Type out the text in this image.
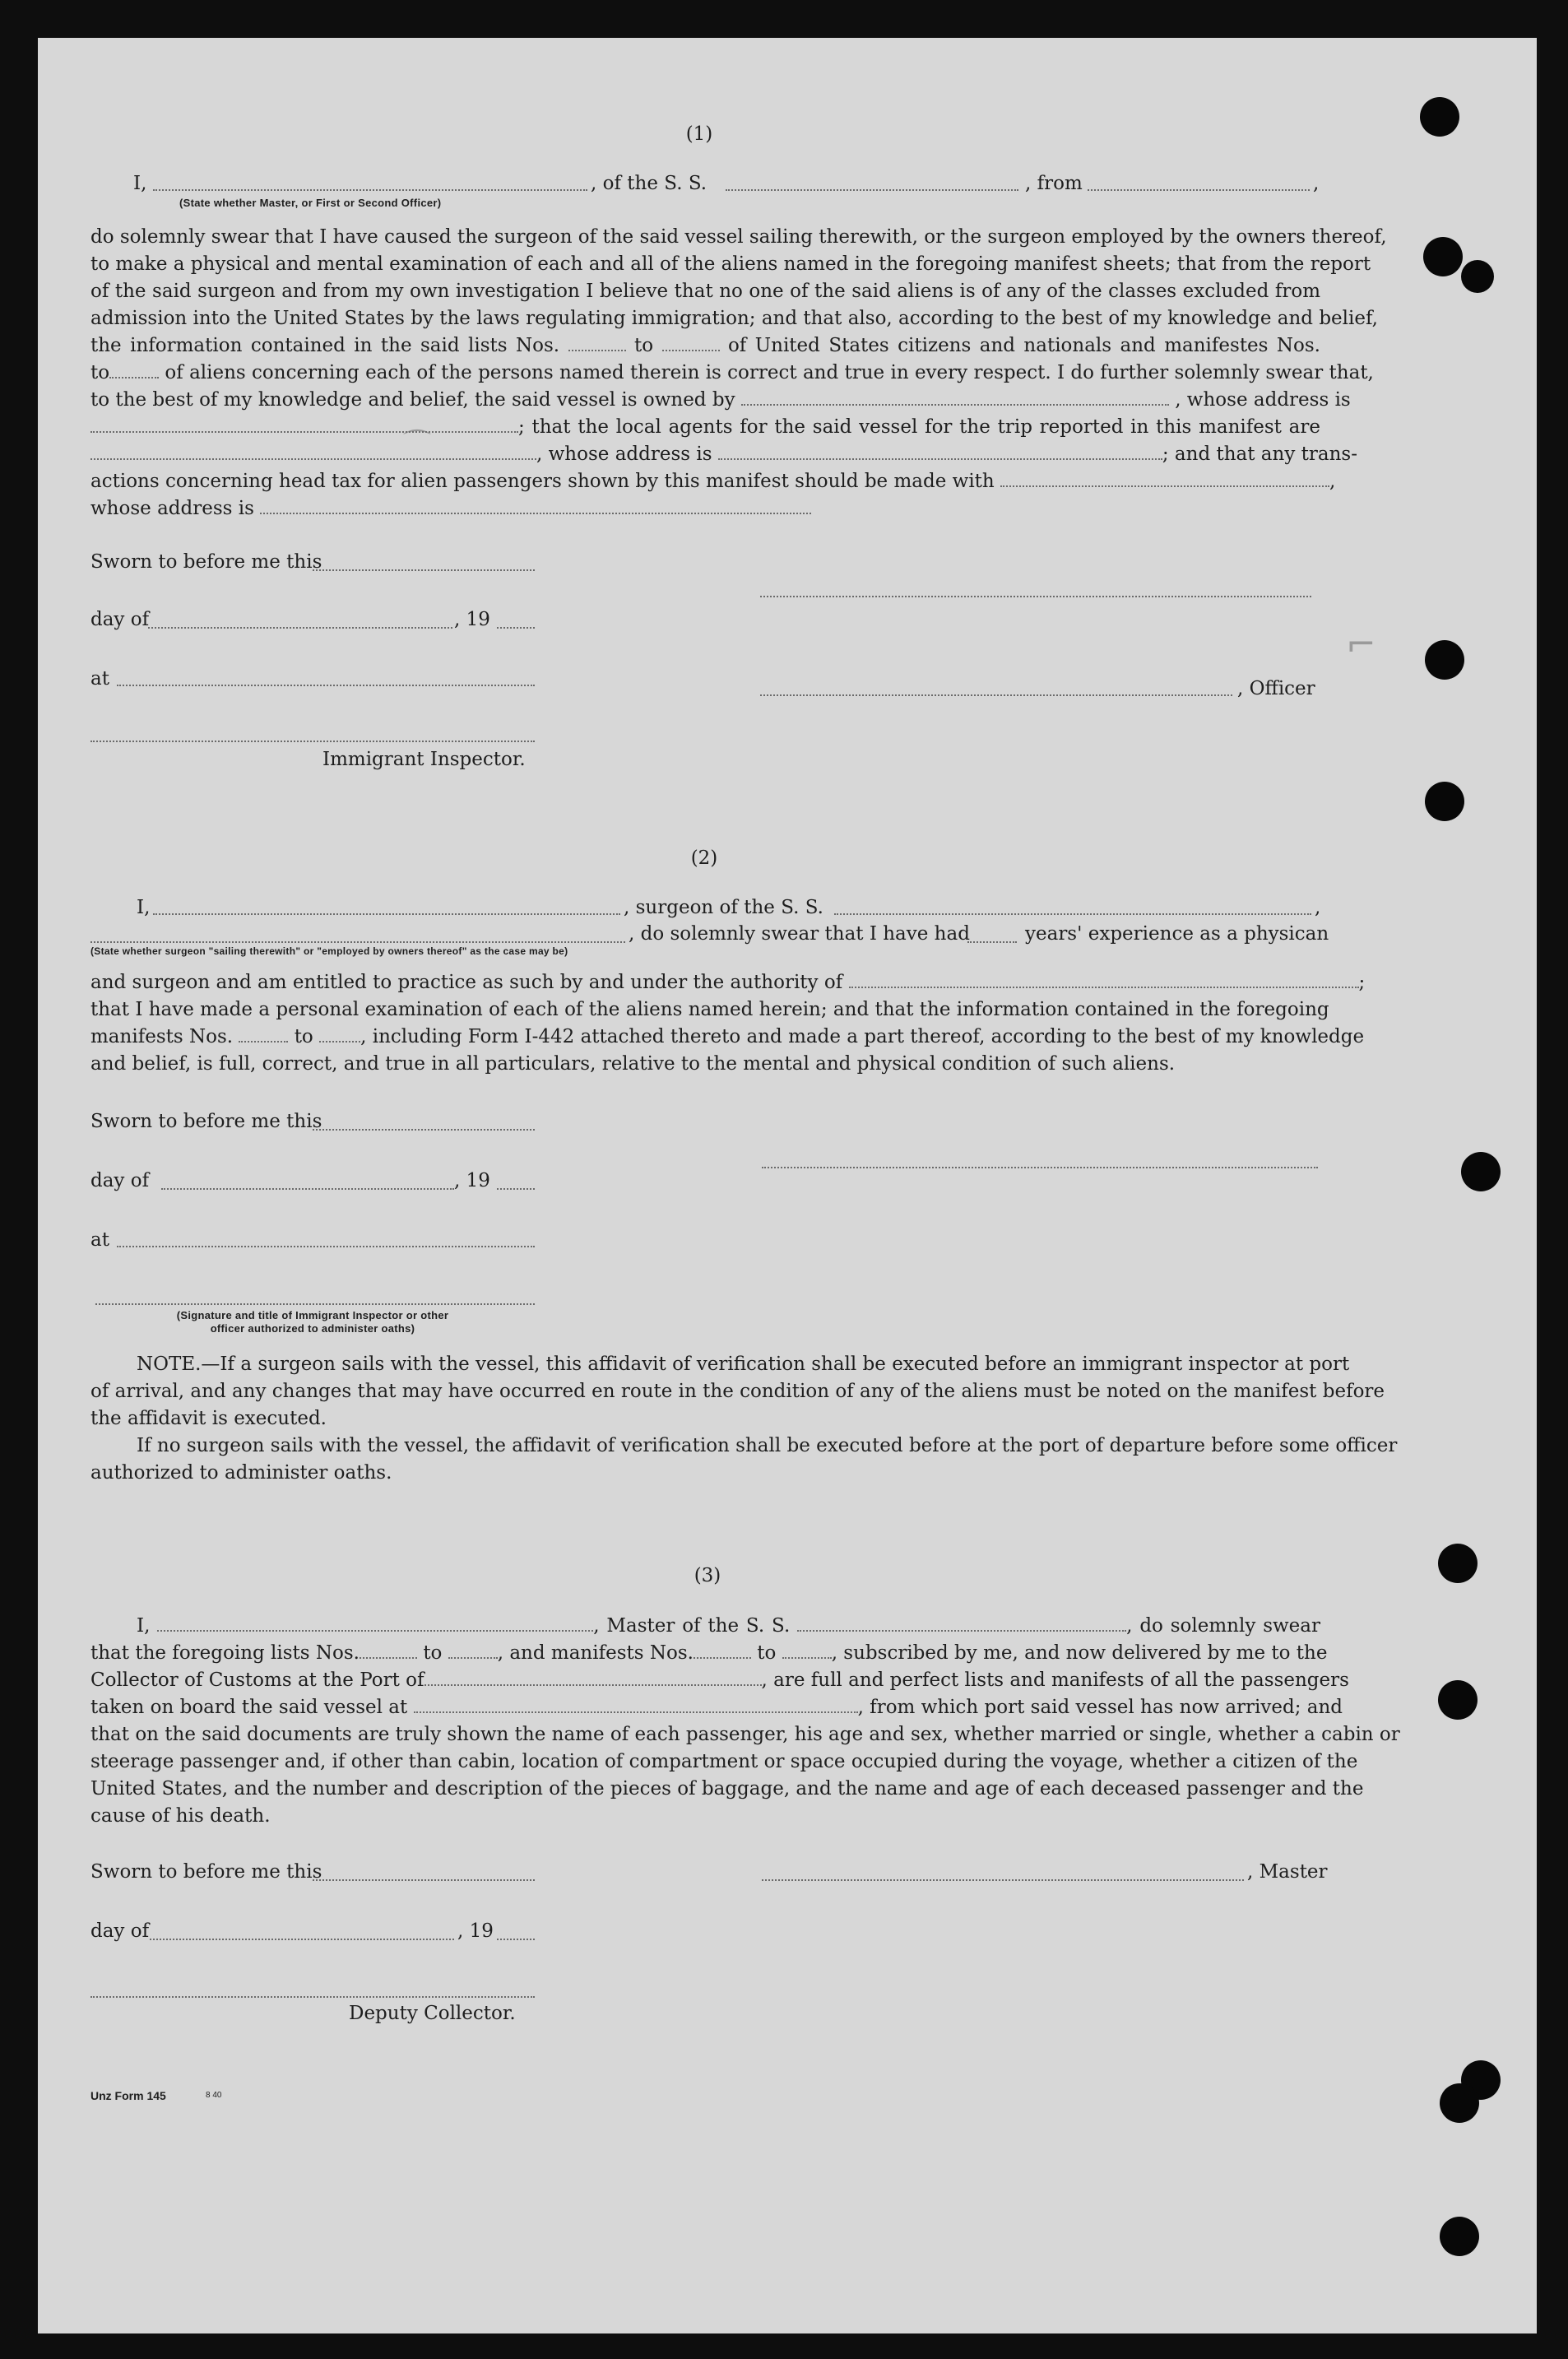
⌐
⌒
(1)
I,	, of the S. S.	, from	,
(State whether Master, or First or Second Officer)
do solemnly swear that I have caused the surgeon of the said vessel sailing therewith, or the surgeon employed by the owners thereof,
to make a physical and mental examination of each and all of the aliens named in the foregoing manifest sheets; that from the report
of the said surgeon and from my own investigation I believe that no one of the said aliens is of any of the classes excluded from
admission into the United States by the laws regulating immigration; and that also, according to the best of my knowledge and belief,
the information contained in the said lists Nos.	to	of United States citizens and nationals and manifestes Nos.
to	of aliens concerning each of the persons named therein is correct and true in every respect. I do further solemnly swear that,
to the best of my knowledge and belief, the said vessel is owned by	, whose address is
; that the local agents for the said vessel for the trip reported in this manifest are
, whose address is	; and that any trans-
actions concerning head tax for alien passengers shown by this manifest should be made with	,
whose address is
Sworn to before me this
day of	, 19
at	, Officer
Immigrant Inspector.
(2)
I,	, surgeon of the S. S.	,
, do solemnly swear that I have had	years' experience as a physican
(State whether surgeon "sailing therewith" or "employed by owners thereof" as the case may be)
and surgeon and am entitled to practice as such by and under the authority of	;
that I have made a personal examination of each of the aliens named herein; and that the information contained in the foregoing
manifests Nos.	to , including Form I-442 attached thereto and made a part thereof, according to the best of my knowledge
and belief, is full, correct, and true in all particulars, relative to the mental and physical condition of such aliens.
Sworn to before me this
day of	, 19
at
(Signature and title of Immigrant Inspector or other
officer authorized to administer oaths)
NOTE.—If a surgeon sails with the vessel, this affidavit of verification shall be executed before an immigrant inspector at port
of arrival, and any changes that may have occurred en route in the condition of any of the aliens must be noted on the manifest before
the affidavit is executed.
If no surgeon sails with the vessel, the affidavit of verification shall be executed before at the port of departure before some officer
authorized to administer oaths.
(3)
I,	, Master of the S. S.	, do solemnly swear
that the foregoing lists Nos.	to	, and manifests Nos.	to	, subscribed by me, and now delivered by me to the
Collector of Customs at the Port of	, are full and perfect lists and manifests of all the passengers
taken on board the said vessel at	, from which port said vessel has now arrived; and
that on the said documents are truly shown the name of each passenger, his age and sex, whether married or single, whether a cabin or
steerage passenger and, if other than cabin, location of compartment or space occupied during the voyage, whether a citizen of the
United States, and the number and description of the pieces of baggage, and the name and age of each deceased passenger and the
cause of his death.
Sworn to before me this	, Master
day of	, 19
Deputy Collector.
Unz Form 145	8 40
